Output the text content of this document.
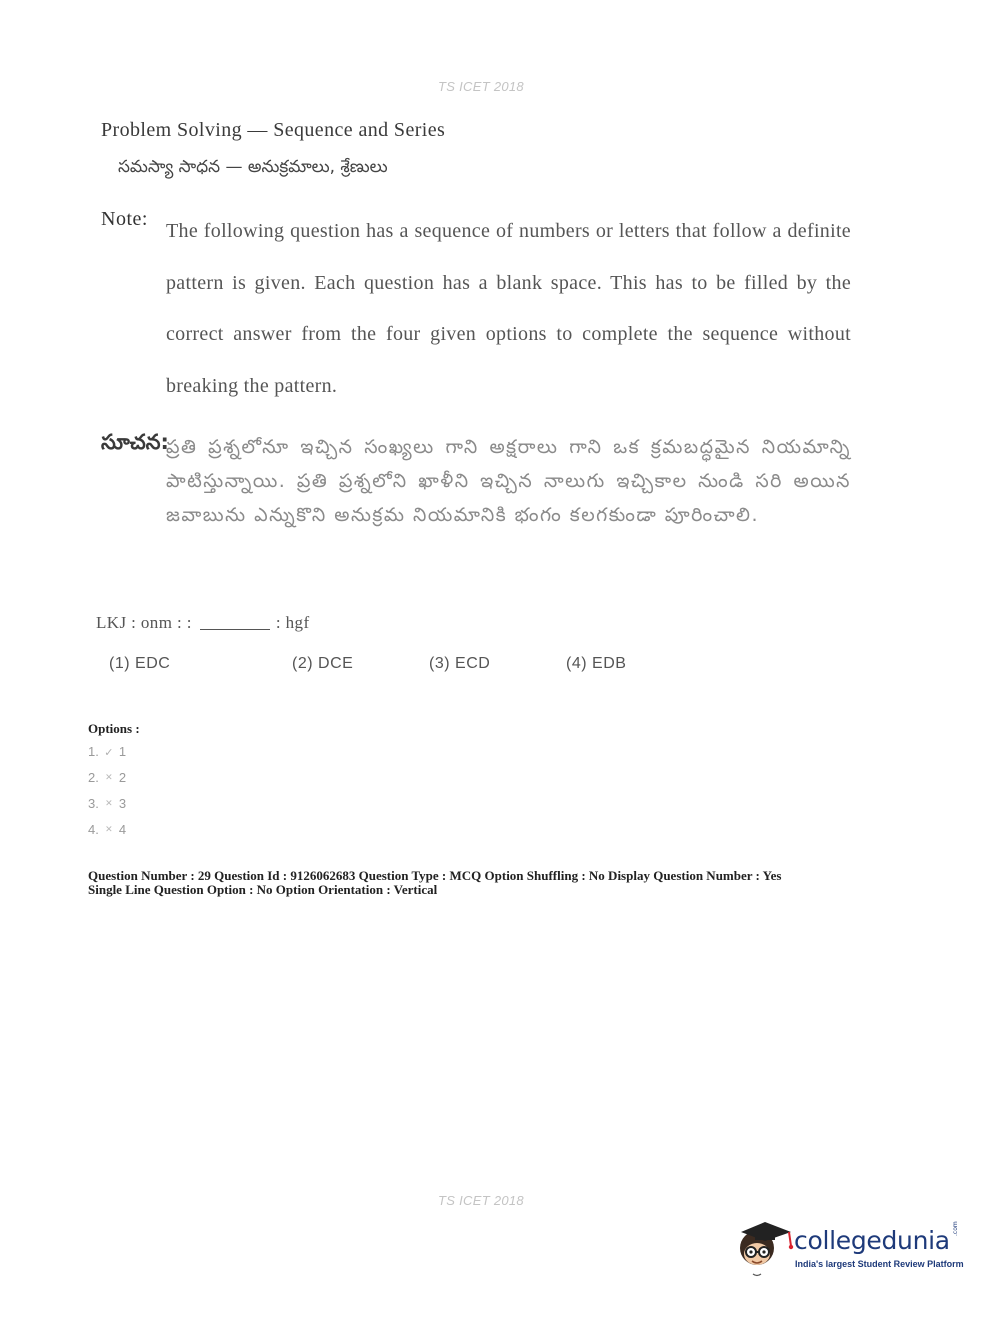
TS ICET 2018
Problem Solving — Sequence and Series
సమస్యా సాధన — అనుక్రమాలు, శ్రేణులు
Note:

The following question has a sequence of numbers or letters that follow a definite pattern is given. Each question has a blank space. This has to be filled by the correct answer from the four given options to complete the sequence without breaking the pattern.

సూచన:

ప్రతి ప్రశ్నలోనూ ఇచ్చిన సంఖ్యలు గాని అక్షరాలు గాని ఒక క్రమబద్ధమైన నియమాన్ని పాటిస్తున్నాయి. ప్రతి ప్రశ్నలోని ఖాళీని ఇచ్చిన నాలుగు ఇచ్చికాల నుండి సరి అయిన జవాబును ఎన్నుకొని అనుక్రమ నియమానికి భంగం కలగకుండా పూరించాలి.

LKJ : onm : :	: hgf
(1) EDC	(2) DCE	(3) ECD	(4) EDB
Options :
1. ✓ 1
2. ✕ 2
3. ✕ 3
4. ✕ 4
Question Number : 29 Question Id : 9126062683 Question Type : MCQ Option Shuffling : No Display Question Number : Yes
Single Line Question Option : No Option Orientation : Vertical
TS ICET 2018
collegedunia .com
India's largest Student Review Platform
